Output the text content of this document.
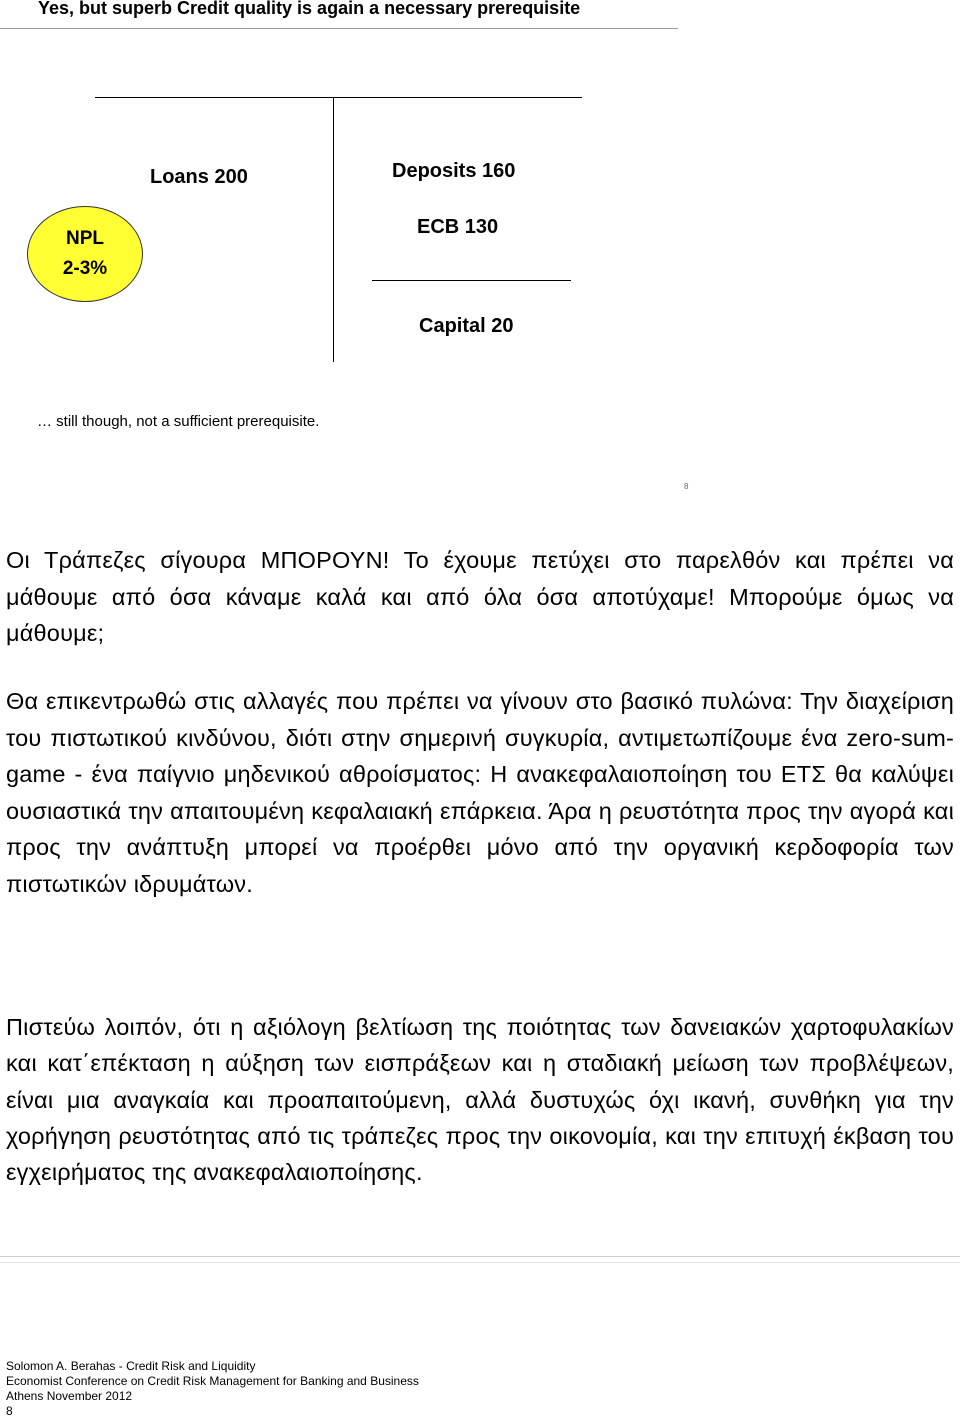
Yes, but superb Credit quality is again a necessary prerequisite
Loans 200	Deposits 160
ECB 130
Capital 20
NPL
2-3%
… still though, not a sufficient prerequisite.
8

Οι Τράπεζες σίγουρα ΜΠΟΡΟΥΝ! Το έχουμε πετύχει στο παρελθόν και πρέπει να μάθουμε από όσα κάναμε καλά και από όλα όσα αποτύχαμε! Μπορούμε όμως να μάθουμε;

Θα επικεντρωθώ στις αλλαγές που πρέπει να γίνουν στο βασικό πυλώνα: Την διαχείριση του πιστωτικού κινδύνου, διότι στην σημερινή συγκυρία, αντιμετωπίζουμε ένα zero-sum-game - ένα παίγνιο μηδενικού αθροίσματος: Η ανακεφαλαιοποίηση του ΕΤΣ θα καλύψει ουσιαστικά την απαιτουμένη κεφαλαιακή επάρκεια. Άρα η ρευστότητα προς την αγορά και προς την ανάπτυξη μπορεί να προέρθει μόνο από την οργανική κερδοφορία των πιστωτικών ιδρυμάτων.

Πιστεύω λοιπόν, ότι η αξιόλογη βελτίωση της ποιότητας των δανειακών χαρτοφυλακίων και κατ΄επέκταση η αύξηση των εισπράξεων και η σταδιακή μείωση των προβλέψεων, είναι μια αναγκαία και προαπαιτούμενη, αλλά δυστυχώς όχι ικανή, συνθήκη για την χορήγηση ρευστότητας από τις τράπεζες προς την οικονομία, και την επιτυχή έκβαση του εγχειρήματος της ανακεφαλαιοποίησης.

Solomon A. Berahas - Credit Risk and Liquidity
Economist Conference on Credit Risk Management for Banking and Business
Athens November 2012
8
